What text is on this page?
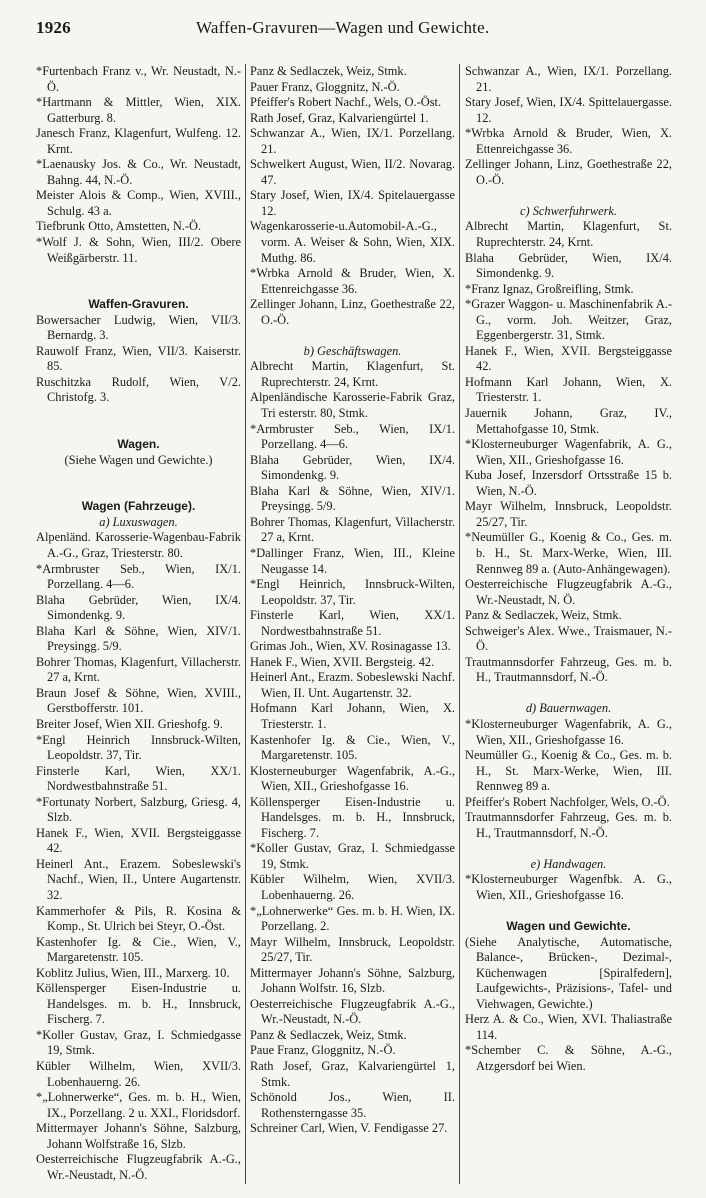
1926	Waffen-Gravuren—Wagen und Gewichte.

*Furtenbach Franz v., Wr. Neustadt, N.-Ö.

*Hartmann & Mittler, Wien, XIX. Gatterburg. 8.

Janesch Franz, Klagenfurt, Wulfeng. 12. Krnt.

*Laenausky Jos. & Co., Wr. Neustadt, Bahng. 44, N.-Ö.

Meister Alois & Comp., Wien, XVIII., Schulg. 43 a.

Tiefbrunk Otto, Amstetten, N.-Ö.

*Wolf J. & Sohn, Wien, III/2. Obere Weißgärberstr. 11.

Waffen-Gravuren.

Bowersacher Ludwig, Wien, VII/3. Bernardg. 3.

Rauwolf Franz, Wien, VII/3. Kaiserstr. 85.

Ruschitzka Rudolf, Wien, V/2. Christofg. 3.

Wagen.

(Siehe Wagen und Gewichte.)

Wagen (Fahrzeuge).

a) Luxuswagen.

Alpenländ. Karosserie-Wagenbau-Fabrik A.-G., Graz, Triesterstr. 80.

*Armbruster Seb., Wien, IX/1. Porzellang. 4—6.

Blaha Gebrüder, Wien, IX/4. Simondenkg. 9.

Blaha Karl & Söhne, Wien, XIV/1. Preysingg. 5/9.

Bohrer Thomas, Klagenfurt, Villacherstr. 27 a, Krnt.

Braun Josef & Söhne, Wien, XVIII., Gerstbofferstr. 101.

Breiter Josef, Wien XII. Grieshofg. 9.

*Engl Heinrich Innsbruck-Wilten, Leopoldstr. 37, Tir.

Finsterle Karl, Wien, XX/1. Nordwestbahnstraße 51.

*Fortunaty Norbert, Salzburg, Griesg. 4, Slzb.

Hanek F., Wien, XVII. Bergsteiggasse 42.

Heinerl Ant., Erazem. Sobeslewski's Nachf., Wien, II., Untere Augartenstr. 32.

Kammerhofer & Pils, R. Kosina & Komp., St. Ulrich bei Steyr, O.-Öst.

Kastenhofer Ig. & Cie., Wien, V., Margaretenstr. 105.

Koblitz Julius, Wien, III., Marxerg. 10.

Köllensperger Eisen-Industrie u. Handelsges. m. b. H., Innsbruck, Fischerg. 7.

*Koller Gustav, Graz, I. Schmiedgasse 19, Stmk.

Kübler Wilhelm, Wien, XVII/3. Lobenhauerng. 26.

*„Lohnerwerke“, Ges. m. b. H., Wien, IX., Porzellang. 2 u. XXI., Floridsdorf.

Mittermayer Johann's Söhne, Salzburg, Johann Wolfstraße 16, Slzb.

Oesterreichische Flugzeugfabrik A.-G., Wr.-Neustadt, N.-Ö.

Panz & Sedlaczek, Weiz, Stmk.

Pauer Franz, Gloggnitz, N.-Ö.

Pfeiffer's Robert Nachf., Wels, O.-Öst.

Rath Josef, Graz, Kalvariengürtel 1.

Schwanzar A., Wien, IX/1. Porzellang. 21.

Schwelkert August, Wien, II/2. Novarag. 47.

Stary Josef, Wien, IX/4. Spitelauergasse 12.

Wagenkarosserie-u.Automobil-A.-G., vorm. A. Weiser & Sohn, Wien, XIX. Muthg. 86.

*Wrbka Arnold & Bruder, Wien, X. Ettenreichgasse 36.

Zellinger Johann, Linz, Goethestraße 22, O.-Ö.

b) Geschäftswagen.

Albrecht Martin, Klagenfurt, St. Ruprechterstr. 24, Krnt.

Alpenländische Karosserie-Fabrik Graz, Tri esterstr. 80, Stmk.

*Armbruster Seb., Wien, IX/1. Porzellang. 4—6.

Blaha Gebrüder, Wien, IX/4. Simondenkg. 9.

Blaha Karl & Söhne, Wien, XIV/1. Preysingg. 5/9.

Bohrer Thomas, Klagenfurt, Villacherstr. 27 a, Krnt.

*Dallinger Franz, Wien, III., Kleine Neugasse 14.

*Engl Heinrich, Innsbruck-Wilten, Leopoldstr. 37, Tir.

Finsterle Karl, Wien, XX/1. Nordwestbahnstraße 51.

Grimas Joh., Wien, XV. Rosinagasse 13.

Hanek F., Wien, XVII. Bergsteig. 42.

Heinerl Ant., Erazm. Sobeslewski Nachf. Wien, II. Unt. Augartenstr. 32.

Hofmann Karl Johann, Wien, X. Triesterstr. 1.

Kastenhofer Ig. & Cie., Wien, V., Margaretenstr. 105.

Klosterneuburger Wagenfabrik, A.-G., Wien, XII., Grieshofgasse 16.

Köllensperger Eisen-Industrie u. Handelsges. m. b. H., Innsbruck, Fischerg. 7.

*Koller Gustav, Graz, I. Schmiedgasse 19, Stmk.

Kübler Wilhelm, Wien, XVII/3. Lobenhauerng. 26.

*„Lohnerwerke“ Ges. m. b. H. Wien, IX. Porzellang. 2.

Mayr Wilhelm, Innsbruck, Leopoldstr. 25/27, Tir.

Mittermayer Johann's Söhne, Salzburg, Johann Wolfstr. 16, Slzb.

Oesterreichische Flugzeugfabrik A.-G., Wr.-Neustadt, N.-Ö.

Panz & Sedlaczek, Weiz, Stmk.

Paue Franz, Gloggnitz, N.-Ö.

Rath Josef, Graz, Kalvariengürtel 1, Stmk.

Schönold Jos., Wien, II. Rothensterngasse 35.

Schreiner Carl, Wien, V. Fendigasse 27.

Schwanzar A., Wien, IX/1. Porzellang. 21.

Stary Josef, Wien, IX/4. Spittelauergasse. 12.

*Wrbka Arnold & Bruder, Wien, X. Ettenreichgasse 36.

Zellinger Johann, Linz, Goethestraße 22, O.-Ö.

c) Schwerfuhrwerk.

Albrecht Martin, Klagenfurt, St. Ruprechterstr. 24, Krnt.

Blaha Gebrüder, Wien, IX/4. Simondenkg. 9.

*Franz Ignaz, Großreifling, Stmk.

*Grazer Waggon- u. Maschinenfabrik A.-G., vorm. Joh. Weitzer, Graz, Eggenbergerstr. 31, Stmk.

Hanek F., Wien, XVII. Bergsteiggasse 42.

Hofmann Karl Johann, Wien, X. Triesterstr. 1.

Jauernik Johann, Graz, IV., Mettahofgasse 10, Stmk.

*Klosterneuburger Wagenfabrik, A. G., Wien, XII., Grieshofgasse 16.

Kuba Josef, Inzersdorf Ortsstraße 15 b. Wien, N.-Ö.

Mayr Wilhelm, Innsbruck, Leopoldstr. 25/27, Tir.

*Neumüller G., Koenig & Co., Ges. m. b. H., St. Marx-Werke, Wien, III. Rennweg 89 a. (Auto-Anhängewagen).

Oesterreichische Flugzeugfabrik A.-G., Wr.-Neustadt, N. Ö.

Panz & Sedlaczek, Weiz, Stmk.

Schweiger's Alex. Wwe., Traismauer, N.-Ö.

Trautmannsdorfer Fahrzeug, Ges. m. b. H., Trautmannsdorf, N.-Ö.

d) Bauernwagen.

*Klosterneuburger Wagenfabrik, A. G., Wien, XII., Grieshofgasse 16.

Neumüller G., Koenig & Co., Ges. m. b. H., St. Marx-Werke, Wien, III. Rennweg 89 a.

Pfeiffer's Robert Nachfolger, Wels, O.-Ö.

Trautmannsdorfer Fahrzeug, Ges. m. b. H., Trautmannsdorf, N.-Ö.

e) Handwagen.

*Klosterneuburger Wagenfbk. A. G., Wien, XII., Grieshofgasse 16.

Wagen und Gewichte.

(Siehe Analytische, Automatische, Balance-, Brücken-, Dezimal-, Küchenwagen [Spiralfedern], Laufgewichts-, Präzisions-, Tafel- und Viehwagen, Gewichte.)

Herz A. & Co., Wien, XVI. Thaliastraße 114.

*Schember C. & Söhne, A.-G., Atzgersdorf bei Wien.
